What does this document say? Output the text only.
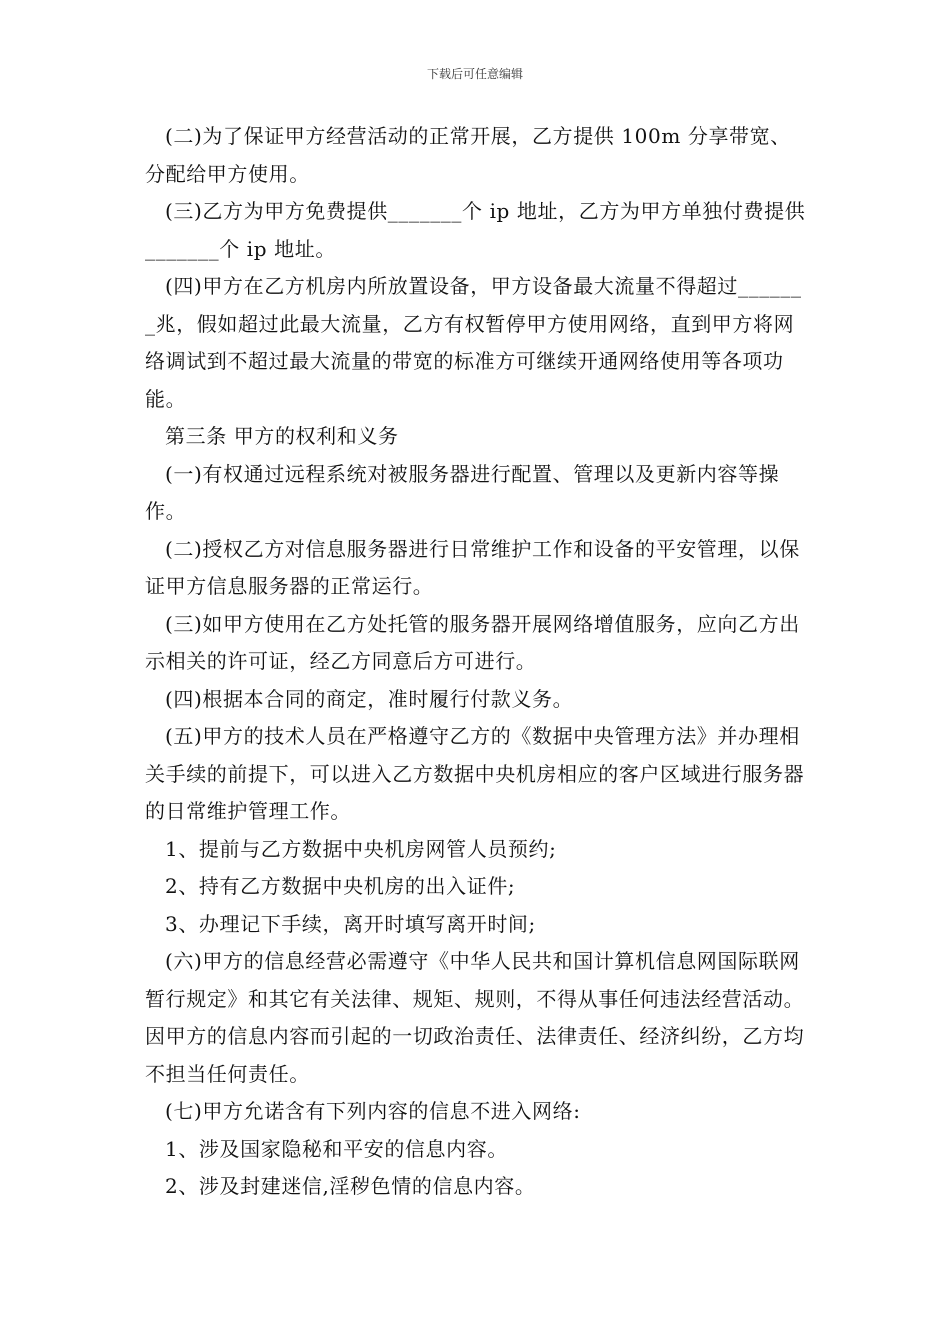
下载后可任意编辑

(二)为了保证甲方经营活动的正常开展，乙方提供 100m 分享带宽、分配给甲方使用。

(三)乙方为甲方免费提供_______个 ip 地址，乙方为甲方单独付费提供_______个 ip 地址。

(四)甲方在乙方机房内所放置设备，甲方设备最大流量不得超过_______兆，假如超过此最大流量，乙方有权暂停甲方使用网络，直到甲方将网络调试到不超过最大流量的带宽的标准方可继续开通网络使用等各项功能。

第三条 甲方的权利和义务

(一)有权通过远程系统对被服务器进行配置、管理以及更新内容等操作。

(二)授权乙方对信息服务器进行日常维护工作和设备的平安管理，以保证甲方信息服务器的正常运行。

(三)如甲方使用在乙方处托管的服务器开展网络增值服务，应向乙方出示相关的许可证，经乙方同意后方可进行。

(四)根据本合同的商定，准时履行付款义务。

(五)甲方的技术人员在严格遵守乙方的《数据中央管理方法》并办理相关手续的前提下，可以进入乙方数据中央机房相应的客户区域进行服务器的日常维护管理工作。

1、提前与乙方数据中央机房网管人员预约;

2、持有乙方数据中央机房的出入证件;

3、办理记下手续，离开时填写离开时间;

(六)甲方的信息经营必需遵守《中华人民共和国计算机信息网国际联网暂行规定》和其它有关法律、规矩、规则，不得从事任何违法经营活动。因甲方的信息内容而引起的一切政治责任、法律责任、经济纠纷，乙方均不担当任何责任。

(七)甲方允诺含有下列内容的信息不进入网络:

1、涉及国家隐秘和平安的信息内容。

2、涉及封建迷信,淫秽色情的信息内容。
